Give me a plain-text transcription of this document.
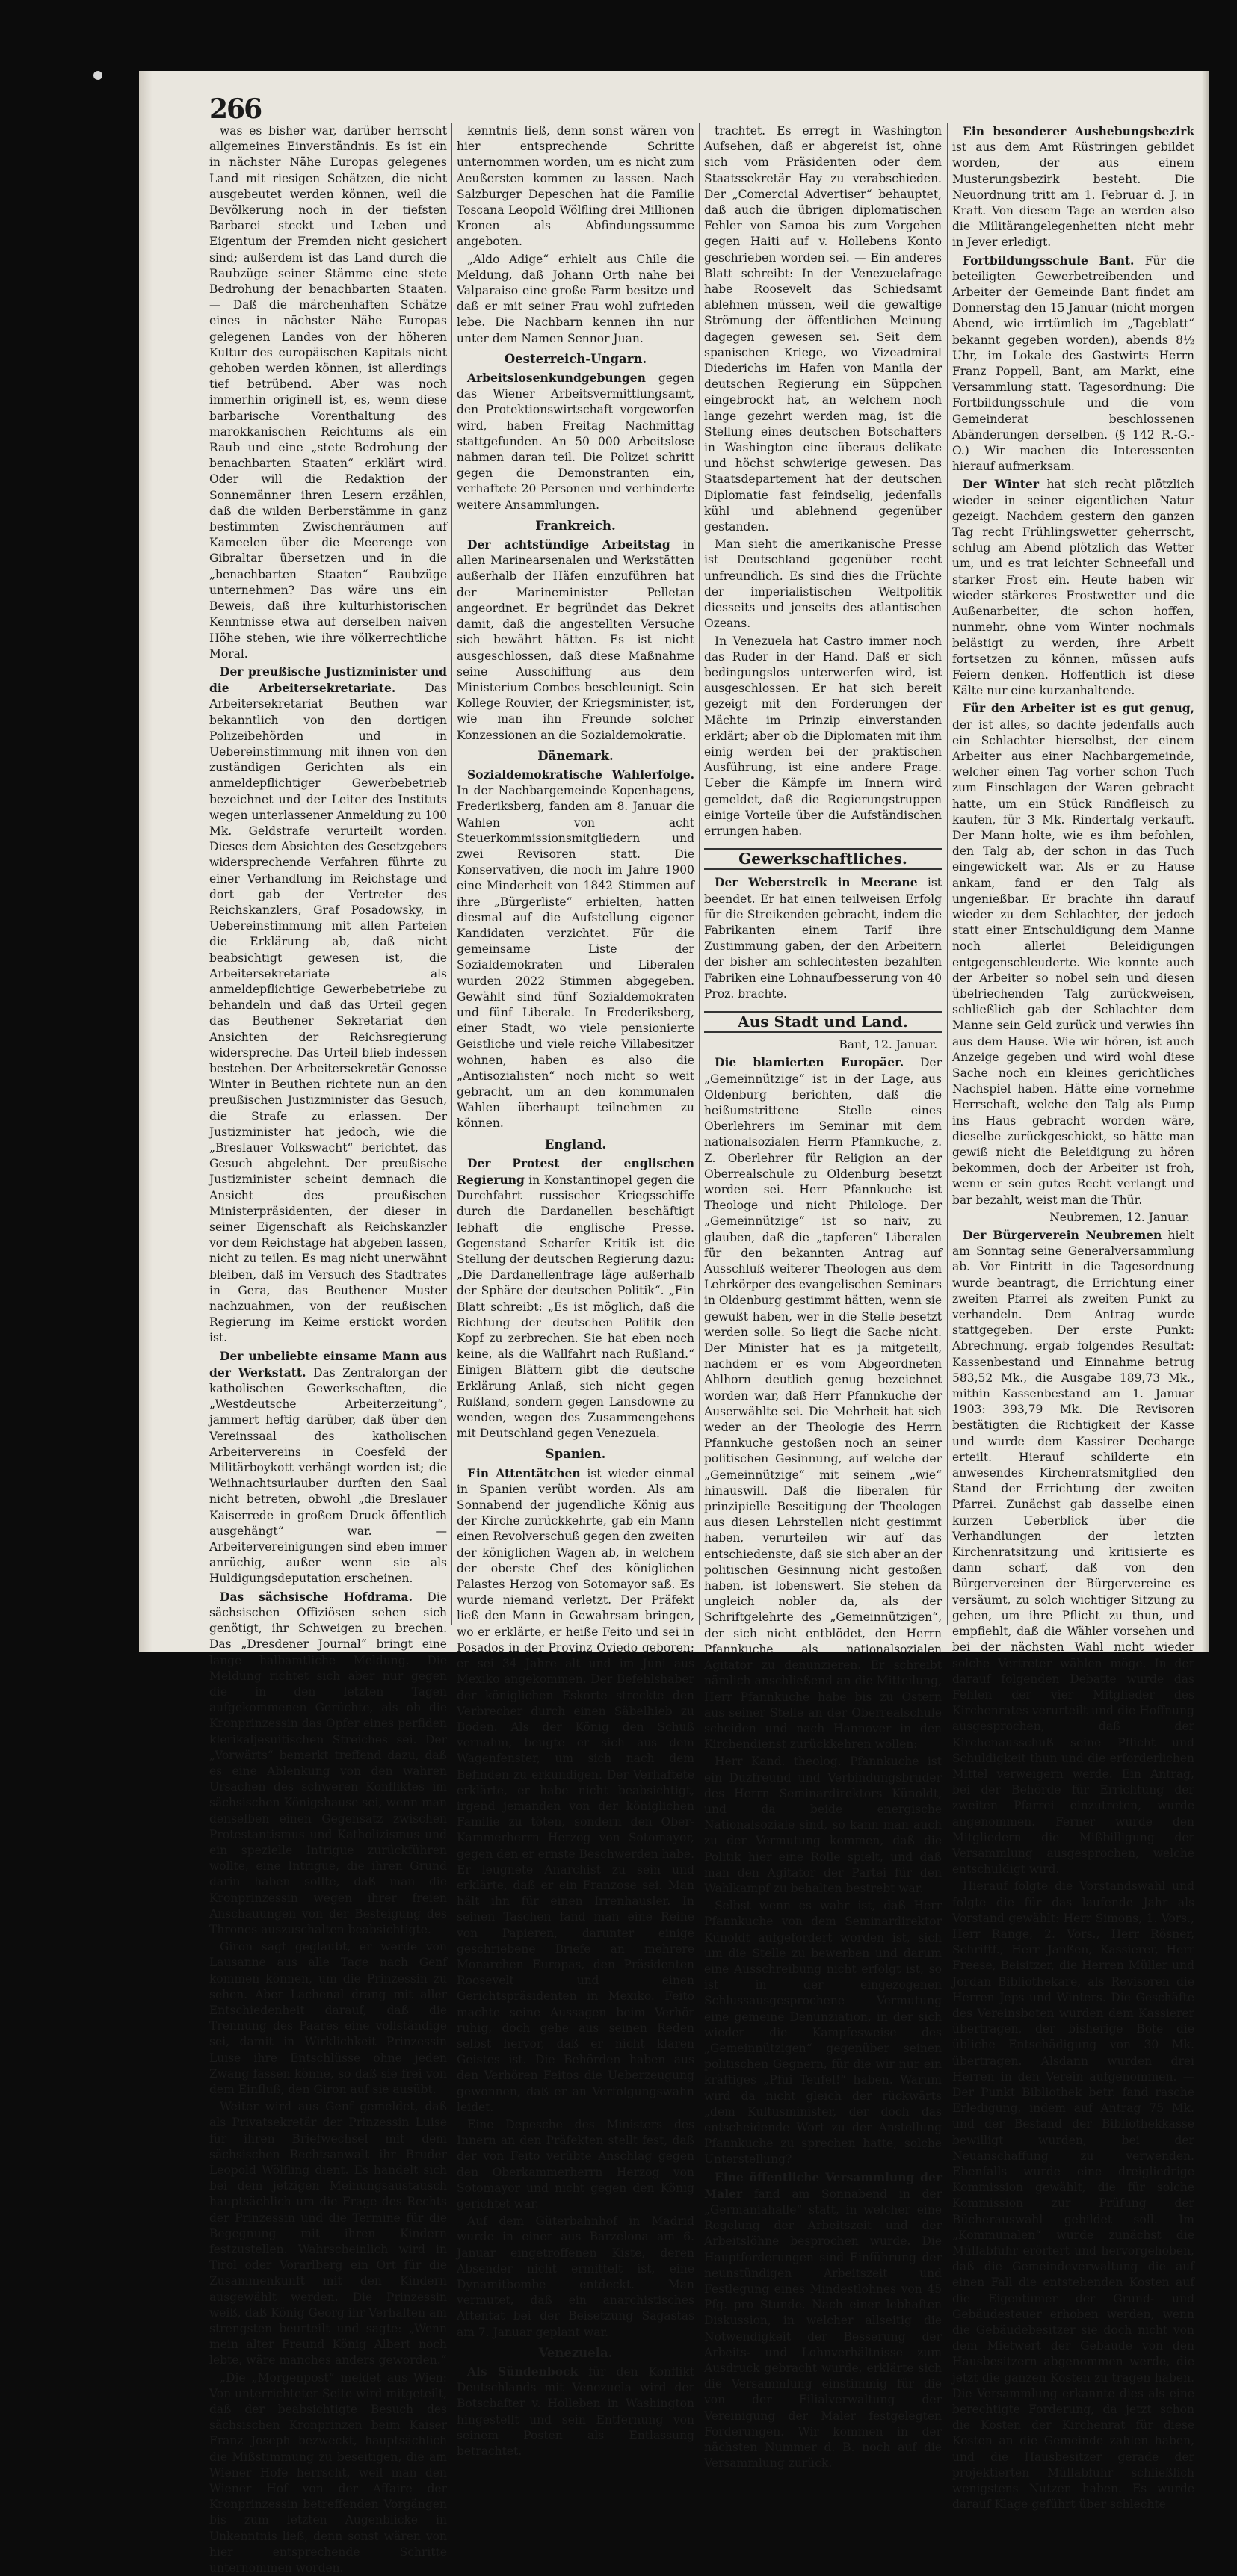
266

was es bisher war, darüber herrscht allgemeines Einverständnis. Es ist ein in nächster Nähe Europas gelegenes Land mit riesigen Schätzen, die nicht ausgebeutet werden können, weil die Bevölkerung noch in der tiefsten Barbarei steckt und Leben und Eigentum der Fremden nicht gesichert sind; außerdem ist das Land durch die Raubzüge seiner Stämme eine stete Bedrohung der benachbarten Staaten. — Daß die märchenhaften Schätze eines in nächster Nähe Europas gelegenen Landes von der höheren Kultur des europäischen Kapitals nicht gehoben werden können, ist allerdings tief betrübend. Aber was noch immerhin originell ist, es, wenn diese barbarische Vorenthaltung des marokkanischen Reichtums als ein Raub und eine „stete Bedrohung der benachbarten Staaten“ erklärt wird. Oder will die Redaktion der Sonnemänner ihren Lesern erzählen, daß die wilden Berberstämme in ganz bestimmten Zwischenräumen auf Kameelen über die Meerenge von Gibraltar übersetzen und in die „benachbarten Staaten“ Raubzüge unternehmen? Das wäre uns ein Beweis, daß ihre kulturhistorischen Kenntnisse etwa auf derselben naiven Höhe stehen, wie ihre völkerrechtliche Moral.

Der preußische Justizminister und die Arbeitersekretariate. Das Arbeitersekretariat Beuthen war bekanntlich von den dortigen Polizeibehörden und in Uebereinstimmung mit ihnen von den zuständigen Gerichten als ein anmeldepflichtiger Gewerbebetrieb bezeichnet und der Leiter des Instituts wegen unterlassener Anmeldung zu 100 Mk. Geldstrafe verurteilt worden. Dieses dem Absichten des Gesetzgebers widersprechende Verfahren führte zu einer Verhandlung im Reichstage und dort gab der Vertreter des Reichskanzlers, Graf Posadowsky, in Uebereinstimmung mit allen Parteien die Erklärung ab, daß nicht beabsichtigt gewesen ist, die Arbeitersekretariate als anmeldepflichtige Gewerbebetriebe zu behandeln und daß das Urteil gegen das Beuthener Sekretariat den Ansichten der Reichsregierung widerspreche. Das Urteil blieb indessen bestehen. Der Arbeitersekretär Genosse Winter in Beuthen richtete nun an den preußischen Justizminister das Gesuch, die Strafe zu erlassen. Der Justizminister hat jedoch, wie die „Breslauer Volkswacht“ berichtet, das Gesuch abgelehnt. Der preußische Justizminister scheint demnach die Ansicht des preußischen Ministerpräsidenten, der dieser in seiner Eigenschaft als Reichskanzler vor dem Reichstage hat abgeben lassen, nicht zu teilen. Es mag nicht unerwähnt bleiben, daß im Versuch des Stadtrates in Gera, das Beuthener Muster nachzuahmen, von der reußischen Regierung im Keime erstickt worden ist.

Der unbeliebte einsame Mann aus der Werkstatt. Das Zentralorgan der katholischen Gewerkschaften, die „Westdeutsche Arbeiterzeitung“, jammert heftig darüber, daß über den Vereinssaal des katholischen Arbeitervereins in Coesfeld der Militärboykott verhängt worden ist; die Weihnachtsurlauber durften den Saal nicht betreten, obwohl „die Breslauer Kaiserrede in großem Druck öffentlich ausgehängt“ war. — Arbeitervereinigungen sind eben immer anrüchig, außer wenn sie als Huldigungsdeputation erscheinen.

Das sächsische Hofdrama. Die sächsischen Offiziösen sehen sich genötigt, ihr Schweigen zu brechen. Das „Dresdener Journal“ bringt eine lange halbamtliche Meldung. Die Meldung richtet sich aber nur gegen die in den letzten Tagen aufgekommenen Gerüchte, als ob die Kronprinzessin das Opfer eines perfiden klerikaljesuitischen Streiches sei. Der „Vorwärts“ bemerkt treffend dazu, daß es eine Ablenkung von den wahren Ursachen des schweren Konfliktes im sächsischen Königshause sei, wenn man denselben einen Gegensatz zwischen Protestantismus und Katholizismus und ein spezielle Intrigue zurückführen wollte, eine Intrigue, die ihren Grund darin haben sollte, daß man die Kronprinzessin wegen ihrer freien Anschauungen von der Besteigung des Thrones auszuschalten beabsichtigte.

Giron sagt geglaubt, er werde von Lausanne aus alle Tage nach Genf kommen können, um die Prinzessin zu sehen. Aber Lachenal drang mit aller Entschiedenheit darauf, daß die Trennung des Paares eine vollständige sei, damit in Wirklichkeit Prinzessin Luise ihre Entschlüsse ohne jeden Zwang fassen könne, so daß sie frei von dem Einfluß, den Giron auf sie ausübt.

Weiter wird aus Genf gemeldet, daß als Privatsekretär der Prinzessin Luise für ihren Briefwechsel mit dem sächsischen Rechtsanwalt ihr Bruder Leopold Wölfling dient. Es handelt sich bei dem jetzigen Meinungsaustausch hauptsächlich um die Frage des Rechts der Prinzessin und die Termine für die Begegnung mit ihren Kindern festzustellen. Wahrscheinlich wird in Tirol oder Vorarlberg ein Ort für die Zusammenkunft mit den Kindern ausgewählt werden. Die Prinzessin weiß, daß König Georg ihr Verhalten am strengsten beurteilt und sagte: „Wenn mein alter Freund König Albert noch lebte, wäre manches anders geworden.“

„Die „Morgenpost“ meldet aus Wien: Von unterrichteter Seite wird mitgeteilt, daß der beabsichtigte Besuch des sächsischen Kronprinzen beim Kaiser Franz Joseph bezweckt, hauptsächlich die Mißstimmung zu beseitigen, die am Wiener Hofe herrscht, weil man den Wiener Hof von der Affaire der Kronprinzessin betreffenden Vorgängen bis zum letzten Augenblicke in Unkenntnis ließ, denn sonst wären von hier entsprechende Schritte unternommen worden.

kenntnis ließ, denn sonst wären von hier entsprechende Schritte unternommen worden, um es nicht zum Aeußersten kommen zu lassen. Nach Salzburger Depeschen hat die Familie Toscana Leopold Wölfling drei Millionen Kronen als Abfindungssumme angeboten.

„Aldo Adige“ erhielt aus Chile die Meldung, daß Johann Orth nahe bei Valparaiso eine große Farm besitze und daß er mit seiner Frau wohl zufrieden lebe. Die Nachbarn kennen ihn nur unter dem Namen Sennor Juan.

Oesterreich-Ungarn.

Arbeitslosenkundgebungen gegen das Wiener Arbeitsvermittlungsamt, den Protektionswirtschaft vorgeworfen wird, haben Freitag Nachmittag stattgefunden. An 50 000 Arbeitslose nahmen daran teil. Die Polizei schritt gegen die Demonstranten ein, verhaftete 20 Personen und verhinderte weitere Ansammlungen.

Frankreich.

Der achtstündige Arbeitstag in allen Marinearsenalen und Werkstätten außerhalb der Häfen einzuführen hat der Marineminister Pelletan angeordnet. Er begründet das Dekret damit, daß die angestellten Versuche sich bewährt hätten. Es ist nicht ausgeschlossen, daß diese Maßnahme seine Ausschiffung aus dem Ministerium Combes beschleunigt. Sein Kollege Rouvier, der Kriegsminister, ist, wie man ihn Freunde solcher Konzessionen an die Sozialdemokratie.

Dänemark.

Sozialdemokratische Wahlerfolge. In der Nachbargemeinde Kopenhagens, Frederiksberg, fanden am 8. Januar die Wahlen von acht Steuerkommissionsmitgliedern und zwei Revisoren statt. Die Konservativen, die noch im Jahre 1900 eine Minderheit von 1842 Stimmen auf ihre „Bürgerliste“ erhielten, hatten diesmal auf die Aufstellung eigener Kandidaten verzichtet. Für die gemeinsame Liste der Sozialdemokraten und Liberalen wurden 2022 Stimmen abgegeben. Gewählt sind fünf Sozialdemokraten und fünf Liberale. In Frederiksberg, einer Stadt, wo viele pensionierte Geistliche und viele reiche Villabesitzer wohnen, haben es also die „Antisozialisten“ noch nicht so weit gebracht, um an den kommunalen Wahlen überhaupt teilnehmen zu können.

England.

Der Protest der englischen Regierung in Konstantinopel gegen die Durchfahrt russischer Kriegsschiffe durch die Dardanellen beschäftigt lebhaft die englische Presse. Gegenstand Scharfer Kritik ist die Stellung der deutschen Regierung dazu: „Die Dardanellenfrage läge außerhalb der Sphäre der deutschen Politik“. „Ein Blatt schreibt: „Es ist möglich, daß die Richtung der deutschen Politik den Kopf zu zerbrechen. Sie hat eben noch keine, als die Wallfahrt nach Rußland.“ Einigen Blättern gibt die deutsche Erklärung Anlaß, sich nicht gegen Rußland, sondern gegen Lansdowne zu wenden, wegen des Zusammengehens mit Deutschland gegen Venezuela.

Spanien.

Ein Attentätchen ist wieder einmal in Spanien verübt worden. Als am Sonnabend der jugendliche König aus der Kirche zurückkehrte, gab ein Mann einen Revolverschuß gegen den zweiten der königlichen Wagen ab, in welchem der oberste Chef des königlichen Palastes Herzog von Sotomayor saß. Es wurde niemand verletzt. Der Präfekt ließ den Mann in Gewahrsam bringen, wo er erklärte, er heiße Feito und sei in Posados in der Provinz Oviedo geboren; er sei 34 Jahre alt und im Juni aus Mexiko angekommen. Der Befehlshaber der königlichen Eskorte streckte den Verbrecher durch einen Säbelhieb zu Boden. Als der König den Schuß vernahm, beugte er sich aus dem Wagenfenster, um sich nach dem Befinden zu erkundigen. Der Verhaftete erklärte, er habe nicht beabsichtigt, irgend jemanden von der königlichen Familie zu töten, sondern den Ober-Kammerherrn Herzog von Sotomayor, gegen den er ernste Beschwerden habe. Er leugnete Anarchist zu sein und erklärte, daß er ein Franzose sei. Man hält ihn für einen Irrenhausler. In seinen Taschen fand man eine Reihe von Papieren, darunter einige geschriebene Briefe an mehrere Monarchen Europas, den Präsidenten Roosevelt und einen Gerichtspräsidenten in Mexiko. Feito machte seine Aussagen beim Verhör ruhig, doch gehe aus seinen Reden selbst hervor, daß er nicht klaren Geistes ist. Die Behörden haben aus den Verhören Feitos die Ueberzeugung gewonnen, daß er an Verfolgungswahn leidet.

Eine Depesche des Ministers des Innern an den Präfekten stellt fest, daß der von Feito verübte Anschlag gegen den Oberkammerherrn Herzog von Sotomayor und nicht gegen den König gerichtet war.

Auf dem Güterbahnhof in Madrid wurde in einer aus Barzelona am 6. Januar eingetroffenen Kiste, deren Absender nicht ermittelt ist, eine Dynamitbombe entdeckt. Man vermutet, daß ein anarchistisches Attentat bei der Beisetzung Sagastas am 7. Januar geplant war.

Venezuela.

Als Sündenbock für den Konflikt Deutschlands mit Venezuela wird der Botschafter v. Holleben in Washington hingestellt und sein Entfernung von seinem Posten als Entlassung betrachtet.

trachtet. Es erregt in Washington Aufsehen, daß er abgereist ist, ohne sich vom Präsidenten oder dem Staatssekretär Hay zu verabschieden. Der „Comercial Advertiser“ behauptet, daß auch die übrigen diplomatischen Fehler von Samoa bis zum Vorgehen gegen Haiti auf v. Hollebens Konto geschrieben worden sei. — Ein anderes Blatt schreibt: In der Venezuelafrage habe Roosevelt das Schiedsamt ablehnen müssen, weil die gewaltige Strömung der öffentlichen Meinung dagegen gewesen sei. Seit dem spanischen Kriege, wo Vizeadmiral Diederichs im Hafen von Manila der deutschen Regierung ein Süppchen eingebrockt hat, an welchem noch lange gezehrt werden mag, ist die Stellung eines deutschen Botschafters in Washington eine überaus delikate und höchst schwierige gewesen. Das Staatsdepartement hat der deutschen Diplomatie fast feindselig, jedenfalls kühl und ablehnend gegenüber gestanden.

Man sieht die amerikanische Presse ist Deutschland gegenüber recht unfreundlich. Es sind dies die Früchte der imperialistischen Weltpolitik diesseits und jenseits des atlantischen Ozeans.

In Venezuela hat Castro immer noch das Ruder in der Hand. Daß er sich bedingungslos unterwerfen wird, ist ausgeschlossen. Er hat sich bereit gezeigt mit den Forderungen der Mächte im Prinzip einverstanden erklärt; aber ob die Diplomaten mit ihm einig werden bei der praktischen Ausführung, ist eine andere Frage. Ueber die Kämpfe im Innern wird gemeldet, daß die Regierungstruppen einige Vorteile über die Aufständischen errungen haben.

Gewerkschaftliches.

Der Weberstreik in Meerane ist beendet. Er hat einen teilweisen Erfolg für die Streikenden gebracht, indem die Fabrikanten einem Tarif ihre Zustimmung gaben, der den Arbeitern der bisher am schlechtesten bezahlten Fabriken eine Lohnaufbesserung von 40 Proz. brachte.

Aus Stadt und Land.

Bant, 12. Januar.

Die blamierten Europäer. Der „Gemeinnützige“ ist in der Lage, aus Oldenburg berichten, daß die heißumstrittene Stelle eines Oberlehrers im Seminar mit dem nationalsozialen Herrn Pfannkuche, z. Z. Oberlehrer für Religion an der Oberrealschule zu Oldenburg besetzt worden sei. Herr Pfannkuche ist Theologe und nicht Philologe. Der „Gemeinnützige“ ist so naiv, zu glauben, daß die „tapferen“ Liberalen für den bekannten Antrag auf Ausschluß weiterer Theologen aus dem Lehrkörper des evangelischen Seminars in Oldenburg gestimmt hätten, wenn sie gewußt haben, wer in die Stelle besetzt werden solle. So liegt die Sache nicht. Der Minister hat es ja mitgeteilt, nachdem er es vom Abgeordneten Ahlhorn deutlich genug bezeichnet worden war, daß Herr Pfannkuche der Auserwählte sei. Die Mehrheit hat sich weder an der Theologie des Herrn Pfannkuche gestoßen noch an seiner politischen Gesinnung, auf welche der „Gemeinnützige“ mit seinem „wie“ hinauswill. Daß die liberalen für prinzipielle Beseitigung der Theologen aus diesen Lehrstellen nicht gestimmt haben, verurteilen wir auf das entschiedenste, daß sie sich aber an der politischen Gesinnung nicht gestoßen haben, ist lobenswert. Sie stehen da ungleich nobler da, als der Schriftgelehrte des „Gemeinnützigen“, der sich nicht entblödet, den Herrn Pfannkuche als nationalsozialen Agitator zu denunzieren. Er schreibt nämlich anschließend an die Mitteilung, Herr Pfannkuche habe bis zu Ostern aus seiner Stelle an der Oberrealschule scheiden und nach Hannover in den Kirchendienst zurückkehren wollen:

Herr Kand. theolog. Pfannkuche ist ein Duzfreund und Verbindungsbruder des Herrn Seminardirektors Künoldt, und da beide energische Nationalsoziale sind, so kann man auch zu der Vermutung kommen, daß die Politik hier eine Rolle spielt, und daß man den Agitator der Partei für den Wahlkampf zu behalten bestrebt war.

Selbst wenn es wahr ist, daß Herr Pfannkuche von dem Seminardirektor Künoldt aufgefordert worden ist, sich um die Stelle zu bewerben und darum eine Ausschreibung nicht erfolgt ist, so ist in der eingezogenen Schlussausgesprochene Vermutung eine gemeine Denunziation, in der sich wieder die Kampfesweise des „Gemeinnützigen“ gegenüber seinen politischen Gegnern, für die wir nur ein kräftiges „Pfui Teufel!“ haben. Warum wird da nicht gleich der rückwärts „dem Kultusminister, der doch das entscheidende Wort zu der Anstellung Pfannkuche zu sprechen hatte, solche Unterstellung?

Eine öffentliche Versammlung der Maler fand am Sonnabend in der „Germaniahalle“ statt, in welcher eine Regelung der Arbeitszeit und der Arbeitslöhne besprochen wurde. Die Hauptforderungen sind Einführung der neunstündigen Arbeitszeit und Festlegung eines Mindestlohnes von 45 Pfg. pro Stunde. Nach einer lebhaften Diskussion, in welcher allseitig die Notwendigkeit der Besserung der Arbeits- und Lohnverhältnisse zum Ausdruck gebracht wurde, erklärte sich die Versammlung einstimmig für die von der Filialverwaltung der Vereinigung der Maler festgelegten Forderungen. Wir kommen in der nächsten Nummer d. B. noch auf die Versammlung zurück.

Ein besonderer Aushebungsbezirk ist aus dem Amt Rüstringen gebildet worden, der aus einem Musterungsbezirk besteht. Die Neuordnung tritt am 1. Februar d. J. in Kraft. Von diesem Tage an werden also die Militärangelegenheiten nicht mehr in Jever erledigt.

Fortbildungsschule Bant. Für die beteiligten Gewerbetreibenden und Arbeiter der Gemeinde Bant findet am Donnerstag den 15 Januar (nicht morgen Abend, wie irrtümlich im „Tageblatt“ bekannt gegeben worden), abends 8½ Uhr, im Lokale des Gastwirts Herrn Franz Poppell, Bant, am Markt, eine Versammlung statt. Tagesordnung: Die Fortbildungsschule und die vom Gemeinderat beschlossenen Abänderungen derselben. (§ 142 R.-G.-O.) Wir machen die Interessenten hierauf aufmerksam.

Der Winter hat sich recht plötzlich wieder in seiner eigentlichen Natur gezeigt. Nachdem gestern den ganzen Tag recht Frühlingswetter geherrscht, schlug am Abend plötzlich das Wetter um, und es trat leichter Schneefall und starker Frost ein. Heute haben wir wieder stärkeres Frostwetter und die Außenarbeiter, die schon hoffen, nunmehr, ohne vom Winter nochmals belästigt zu werden, ihre Arbeit fortsetzen zu können, müssen aufs Feiern denken. Hoffentlich ist diese Kälte nur eine kurzanhaltende.

Für den Arbeiter ist es gut genug, der ist alles, so dachte jedenfalls auch ein Schlachter hierselbst, der einem Arbeiter aus einer Nachbargemeinde, welcher einen Tag vorher schon Tuch zum Einschlagen der Waren gebracht hatte, um ein Stück Rindfleisch zu kaufen, für 3 Mk. Rindertalg verkauft. Der Mann holte, wie es ihm befohlen, den Talg ab, der schon in das Tuch eingewickelt war. Als er zu Hause ankam, fand er den Talg als ungenießbar. Er brachte ihn darauf wieder zu dem Schlachter, der jedoch statt einer Entschuldigung dem Manne noch allerlei Beleidigungen entgegenschleuderte. Wie konnte auch der Arbeiter so nobel sein und diesen übelriechenden Talg zurückweisen, schließlich gab der Schlachter dem Manne sein Geld zurück und verwies ihn aus dem Hause. Wie wir hören, ist auch Anzeige gegeben und wird wohl diese Sache noch ein kleines gerichtliches Nachspiel haben. Hätte eine vornehme Herrschaft, welche den Talg als Pump ins Haus gebracht worden wäre, dieselbe zurückgeschickt, so hätte man gewiß nicht die Beleidigung zu hören bekommen, doch der Arbeiter ist froh, wenn er sein gutes Recht verlangt und bar bezahlt, weist man die Thür.

Neubremen, 12. Januar.

Der Bürgerverein Neubremen hielt am Sonntag seine Generalversammlung ab. Vor Eintritt in die Tagesordnung wurde beantragt, die Errichtung einer zweiten Pfarrei als zweiten Punkt zu verhandeln. Dem Antrag wurde stattgegeben. Der erste Punkt: Abrechnung, ergab folgendes Resultat: Kassenbestand und Einnahme betrug 583,52 Mk., die Ausgabe 189,73 Mk., mithin Kassenbestand am 1. Januar 1903: 393,79 Mk. Die Revisoren bestätigten die Richtigkeit der Kasse und wurde dem Kassirer Decharge erteilt. Hierauf schilderte ein anwesendes Kirchenratsmitglied den Stand der Errichtung der zweiten Pfarrei. Zunächst gab dasselbe einen kurzen Ueberblick über die Verhandlungen der letzten Kirchenratsitzung und kritisierte es dann scharf, daß von den Bürgervereinen der Bürgervereine es versäumt, zu solch wichtiger Sitzung zu gehen, um ihre Pflicht zu thun, und empfiehlt, daß die Wähler vorsehen und bei der nächsten Wahl nicht wieder solche Vertreter wählen möge. In der darauf folgenden Debatte wurde das Fehlen der vier Mitglieder des Kirchenrates verurteilt und die Hoffnung ausgesprochen, daß der Kirchenausschuß seine Pflicht und Schuldigkeit thun und die erforderlichen Mittel verweigern werde. Ein Antrag, bei der Behörde für Errichtung der zweiten Pfarrei einzutreten, wurde angenommen. Ferner wurde den Mitgliedern die Mißbilligung der Versammlung ausgesprochen, welche entschuldigt wird.

Hierauf folgte die Vorstandswahl und folgte die für das laufende Jahr als Vorstand gewählt: Herr Simons, 1. Vors., Herr Range, 2. Vors., Herr Rösner, Schriftf., Herr Janßen, Kassierer, Herr Freese, Beisitzer, die Herren Müller und Jordan Bibliothekare, als Revisoren die Herren Jeps und Winters. Die Geschäfte des Vereinsboten wurden dem Kassierer übertragen, der bisherige Bote die übliche Entschädigung von 30 Mk. übertragen. Alsdann wurden drei Herren in den Verein aufgenommen. — Der Punkt Bibliothek betr. fand rasche Erledigung, indem auf Antrag 75 Mk. und der Bestand der Bibliothekkasse bewilligt wurden, bei der Neuanschaffung zu verwenden. Ebenfalls wurde eine dreigliedrige Kommission gewählt, die für solche Kommission zur Prüfung der Bücherauswahl gebildet soll. Im „Kommunalen“ wurde zunächst die Müllabfuhr erörtert und hervorgehoben, daß die Gemeindeverwaltung die auf einen Fall die entstehenden Kosten auf die Eigentümer der Grund- und Gebäudesteuer erhoben werden, wenn die Gebäudebesitzer sie doch nicht von dem Mietwert der Gebäude von den Hausbesitzern abgenommen werde, die jetzt die ganzen Kosten zu tragen haben. Die Versammlung erkannte dies als eine berechtigte Forderung, da jetzt schon die Kosten der Kirchenrat für diese Kosten an die Gemeinde zahlen haben, und die Hausbesitzer gerade der projektierten Müllabfuhr schließlich wenigstens Nutzen haben. Es wurde darauf Klage geführt über schlechte
